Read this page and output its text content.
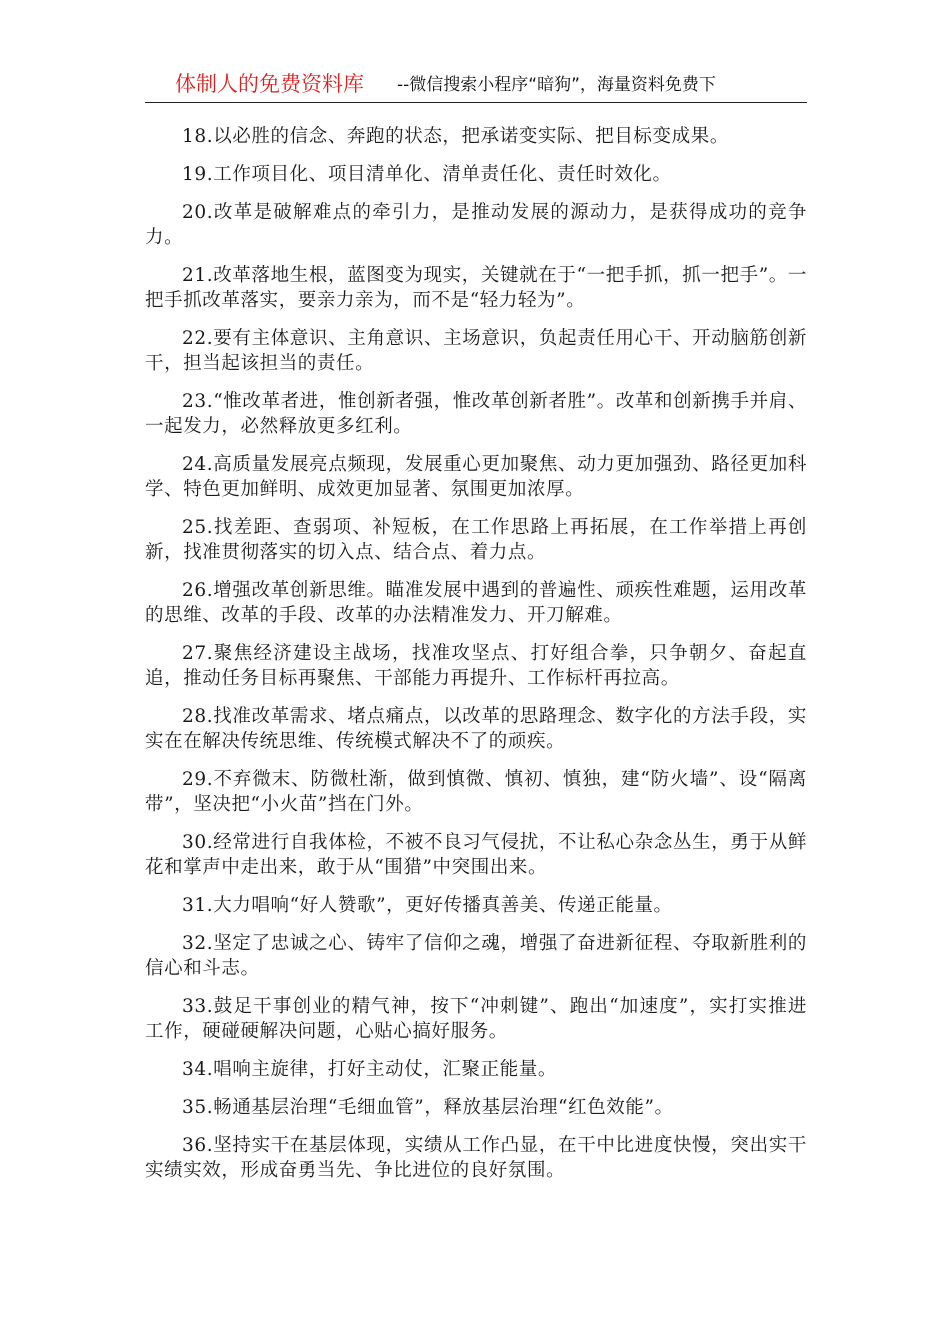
体制人的免费资料库 --微信搜索小程序“暗狗”，海量资料免费下

18.以必胜的信念、奔跑的状态，把承诺变实际、把目标变成果。

19.工作项目化、项目清单化、清单责任化、责任时效化。

20.改革是破解难点的牵引力，是推动发展的源动力，是获得成功的竞争力。

21.改革落地生根，蓝图变为现实，关键就在于“一把手抓，抓一把手”。一把手抓改革落实，要亲力亲为，而不是“轻力轻为”。

22.要有主体意识、主角意识、主场意识，负起责任用心干、开动脑筋创新干，担当起该担当的责任。

23.“惟改革者进，惟创新者强，惟改革创新者胜”。改革和创新携手并肩、一起发力，必然释放更多红利。

24.高质量发展亮点频现，发展重心更加聚焦、动力更加强劲、路径更加科学、特色更加鲜明、成效更加显著、氛围更加浓厚。

25.找差距、查弱项、补短板，在工作思路上再拓展，在工作举措上再创新，找准贯彻落实的切入点、结合点、着力点。

26.增强改革创新思维。瞄准发展中遇到的普遍性、顽疾性难题，运用改革的思维、改革的手段、改革的办法精准发力、开刀解难。

27.聚焦经济建设主战场，找准攻坚点、打好组合拳，只争朝夕、奋起直追，推动任务目标再聚焦、干部能力再提升、工作标杆再拉高。

28.找准改革需求、堵点痛点，以改革的思路理念、数字化的方法手段，实实在在解决传统思维、传统模式解决不了的顽疾。

29.不弃微末、防微杜渐，做到慎微、慎初、慎独，建“防火墙”、设“隔离带”，坚决把“小火苗”挡在门外。

30.经常进行自我体检，不被不良习气侵扰，不让私心杂念丛生，勇于从鲜花和掌声中走出来，敢于从“围猎”中突围出来。

31.大力唱响“好人赞歌”，更好传播真善美、传递正能量。

32.坚定了忠诚之心、铸牢了信仰之魂，增强了奋进新征程、夺取新胜利的信心和斗志。

33.鼓足干事创业的精气神，按下“冲刺键”、跑出“加速度”，实打实推进工作，硬碰硬解决问题，心贴心搞好服务。

34.唱响主旋律，打好主动仗，汇聚正能量。

35.畅通基层治理“毛细血管”，释放基层治理“红色效能”。

36.坚持实干在基层体现，实绩从工作凸显，在干中比进度快慢，突出实干实绩实效，形成奋勇当先、争比进位的良好氛围。
